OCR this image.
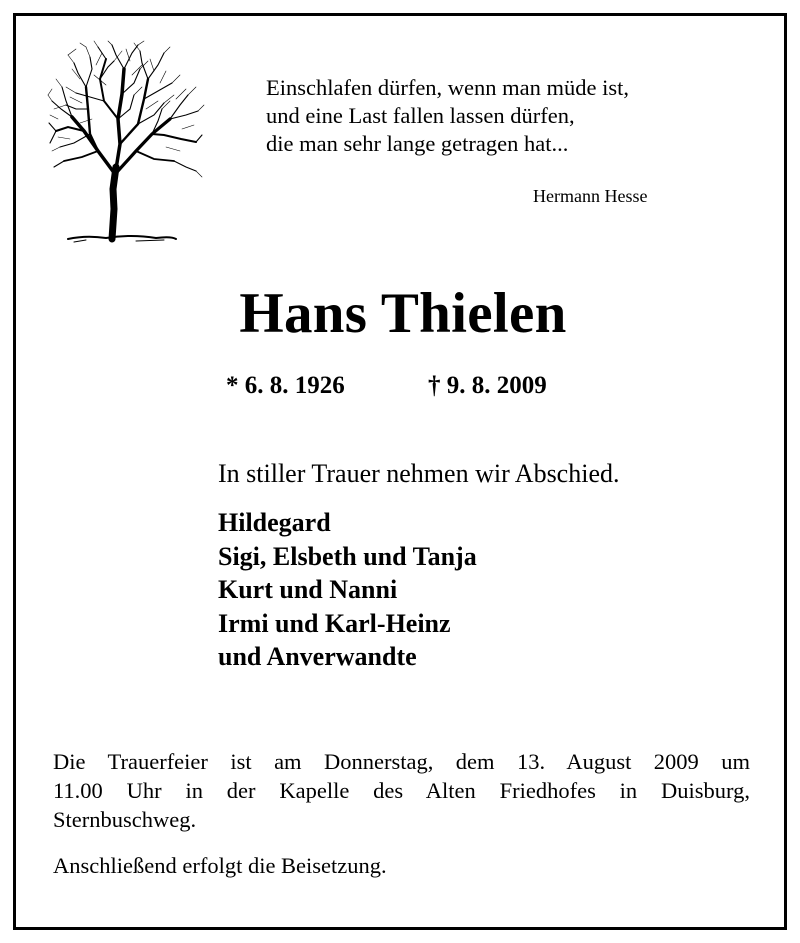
Einschlafen dürfen, wenn man müde ist,
und eine Last fallen lassen dürfen,
die man sehr lange getragen hat...
Hermann Hesse
Hans Thielen
* 6. 8. 1926	† 9. 8. 2009
In stiller Trauer nehmen wir Abschied.
Hildegard
Sigi, Elsbeth und Tanja
Kurt und Nanni
Irmi und Karl-Heinz
und Anverwandte
Die Trauerfeier ist am Donnerstag, dem 13. August 2009 um
11.00 Uhr in der Kapelle des Alten Friedhofes in Duisburg,
Sternbuschweg.
Anschließend erfolgt die Beisetzung.
